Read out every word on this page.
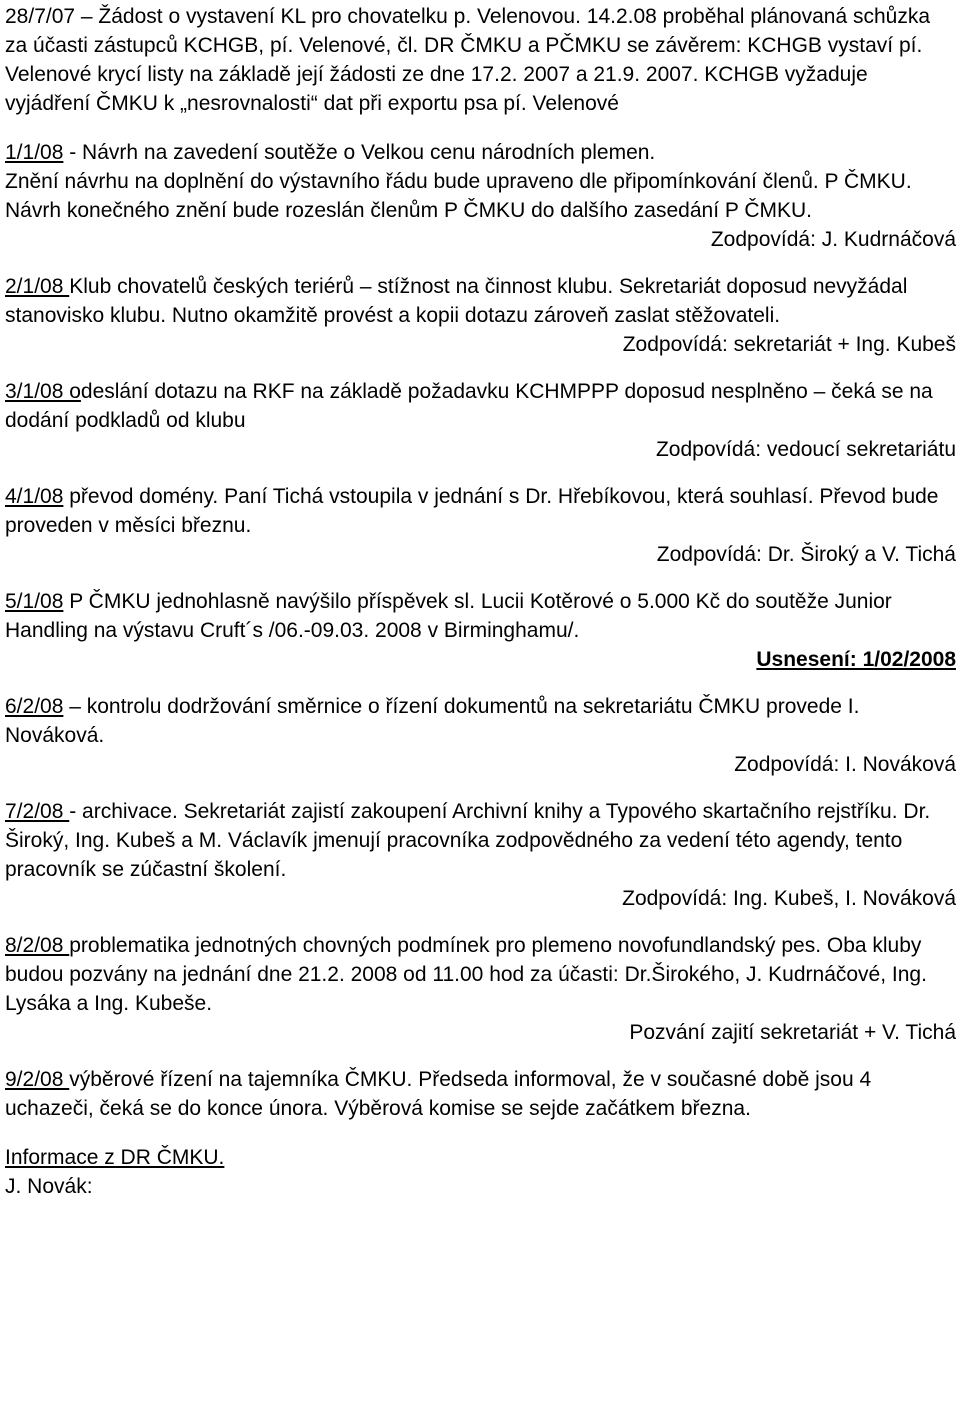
28/7/07 – Žádost o vystavení KL pro chovatelku p. Velenovou. 14.2.08 proběhal plánovaná schůzka za účasti zástupců KCHGB, pí. Velenové, čl. DR ČMKU a PČMKU se závěrem: KCHGB vystaví pí. Velenové krycí listy na základě její žádosti ze dne 17.2. 2007 a 21.9. 2007. KCHGB vyžaduje vyjádření ČMKU k „nesrovnalosti“ dat při exportu psa pí. Velenové

1/1/08 - Návrh na zavedení soutěže o Velkou cenu národních plemen.

Znění návrhu na doplnění do výstavního řádu bude upraveno dle připomínkování členů. P ČMKU. Návrh konečného znění bude rozeslán členům P ČMKU do dalšího zasedání P ČMKU.

Zodpovídá: J. Kudrnáčová

2/1/08 Klub chovatelů českých teriérů – stížnost na činnost klubu. Sekretariát doposud nevyžádal stanovisko klubu. Nutno okamžitě provést a kopii dotazu zároveň zaslat stěžovateli.

Zodpovídá: sekretariát + Ing. Kubeš

3/1/08 odeslání dotazu na RKF na základě požadavku KCHMPPP doposud nesplněno – čeká se na dodání podkladů od klubu

Zodpovídá: vedoucí sekretariátu

4/1/08 převod domény. Paní Tichá vstoupila v jednání s Dr. Hřebíkovou, která souhlasí. Převod bude proveden v měsíci březnu.

Zodpovídá: Dr. Široký a V. Tichá

5/1/08 P ČMKU jednohlasně navýšilo příspěvek sl. Lucii Kotěrové o 5.000 Kč do soutěže Junior Handling na výstavu Cruft´s /06.-09.03. 2008 v Birminghamu/.

Usnesení: 1/02/2008

6/2/08 – kontrolu dodržování směrnice o řízení dokumentů na sekretariátu ČMKU provede I. Nováková.

Zodpovídá: I. Nováková

7/2/08 - archivace. Sekretariát zajistí zakoupení Archivní knihy a Typového skartačního rejstříku. Dr. Široký, Ing. Kubeš a M. Václavík jmenují pracovníka zodpovědného za vedení této agendy, tento pracovník se zúčastní školení.

Zodpovídá: Ing. Kubeš, I. Nováková

8/2/08 problematika jednotných chovných podmínek pro plemeno novofundlandský pes. Oba kluby budou pozvány na jednání dne 21.2. 2008 od 11.00 hod za účasti: Dr.Širokého, J. Kudrnáčové, Ing. Lysáka a Ing. Kubeše.

Pozvání zajití sekretariát + V. Tichá

9/2/08 výběrové řízení na tajemníka ČMKU. Předseda informoval, že v současné době jsou 4 uchazeči, čeká se do konce února. Výběrová komise se sejde začátkem března.

Informace z DR ČMKU.

J. Novák:
